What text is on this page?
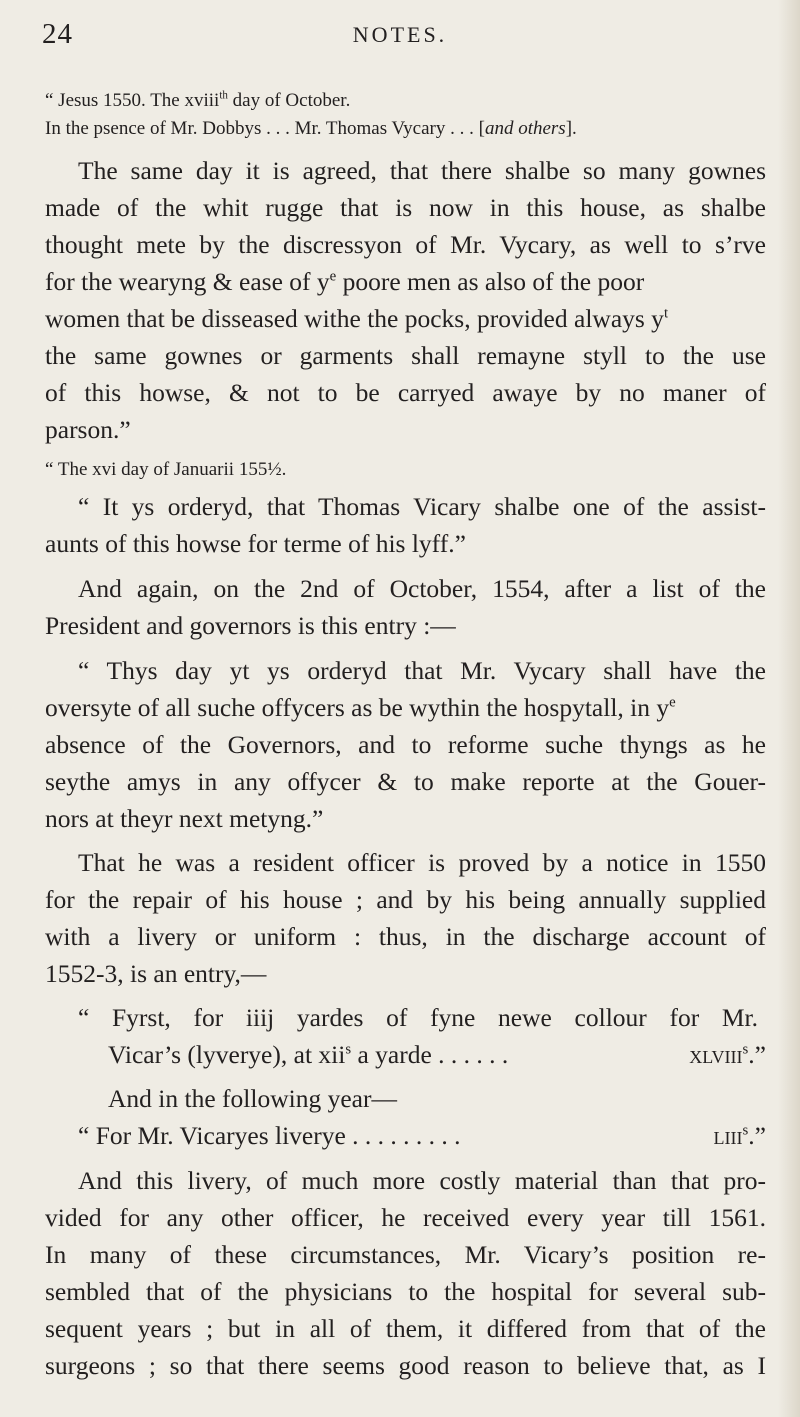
24	NOTES.
“ Jesus 1550. The xviii$^{th}$ day of October.
In the psence of Mr. Dobbys . . . Mr. Thomas Vycary . . . [and others].
The same day it is agreed, that there shalbe so many gownes
made of the whit rugge that is now in this house, as shalbe
thought mete by the discressyon of Mr. Vycary, as well to s’rve
for the wearyng & ease of $y^e$ poore men as also of the poor
women that be disseased withe the pocks, provided always $y^t$
the same gownes or garments shall remayne styll to the use
of this howse, & not to be carryed awaye by no maner of
parson.”
“ The xvi day of Januarii 155½.
“ It ys orderyd, that Thomas Vicary shalbe one of the assist-
aunts of this howse for terme of his lyff.”
And again, on the 2nd of October, 1554, after a list of the
President and governors is this entry :—
“ Thys day yt ys orderyd that Mr. Vycary shall have the
oversyte of all suche offycers as be wythin the hospytall, in $y^e$
absence of the Governors, and to reforme suche thyngs as he
seythe amys in any offycer & to make reporte at the Gouer-
nors at theyr next metyng.”
That he was a resident officer is proved by a notice in 1550
for the repair of his house ; and by his being annually supplied
with a livery or uniform : thus, in the discharge account of
1552-3, is an entry,—
“ Fyrst, for iiij yardes of fyne newe collour for Mr.
Vicar’s (lyverye), at xii$^s$ a yarde . . . . . .	xlviii$^s$.”
And in the following year—
“ For Mr. Vicaryes liverye . . . . . . . . .	liii$^s$.”
And this livery, of much more costly material than that pro-
vided for any other officer, he received every year till 1561.
In many of these circumstances, Mr. Vicary’s position re-
sembled that of the physicians to the hospital for several sub-
sequent years ; but in all of them, it differed from that of the
surgeons ; so that there seems good reason to believe that, as I
